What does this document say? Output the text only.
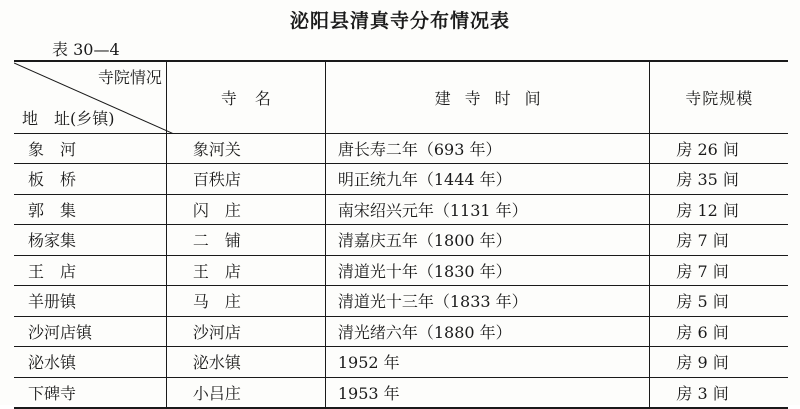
泌阳县清真寺分布情况表
表 30—4
寺院情况
地　址(乡镇)	寺名	建寺时间	寺院规模
象　河	象河关	唐长寿二年（693 年）	房 26 间
板　桥	百秩店	明正统九年（1444 年）	房 35 间
郭　集	闪　庄	南宋绍兴元年（1131 年）	房 12 间
杨家集	二　铺	清嘉庆五年（1800 年）	房 7 间
王　店	王　店	清道光十年（1830 年）	房 7 间
羊册镇	马　庄	清道光十三年（1833 年）	房 5 间
沙河店镇	沙河店	清光绪六年（1880 年）	房 6 间
泌水镇	泌水镇	1952 年	房 9 间
下碑寺	小吕庄	1953 年	房 3 间
